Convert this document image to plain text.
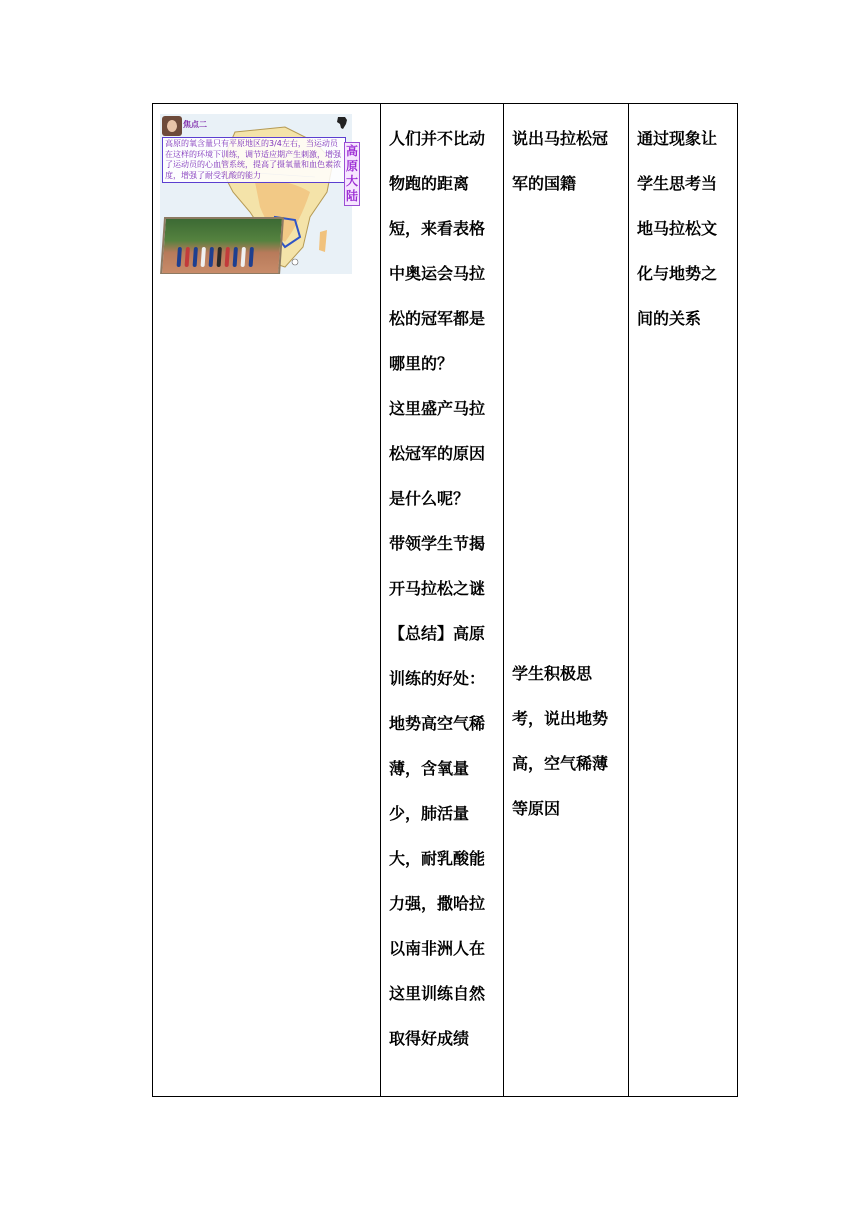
焦点二
高原的氧含量只有平原地区的3/4左右，当运动员在这样的环境下训练，调节适应期产生刺激，增强了运动员的心血管系统，提高了摄氧量和血色素浓度，增强了耐受乳酸的能力
高原大陆

人们并不比动物跑的距离短，来看表格中奥运会马拉松的冠军都是哪里的？

这里盛产马拉松冠军的原因是什么呢？

带领学生节揭开马拉松之谜

【总结】高原训练的好处：地势高空气稀薄，含氧量少，肺活量大，耐乳酸能力强，撒哈拉以南非洲人在这里训练自然取得好成绩

说出马拉松冠军的国籍

学生积极思考，说出地势高，空气稀薄等原因

通过现象让学生思考当地马拉松文化与地势之间的关系
